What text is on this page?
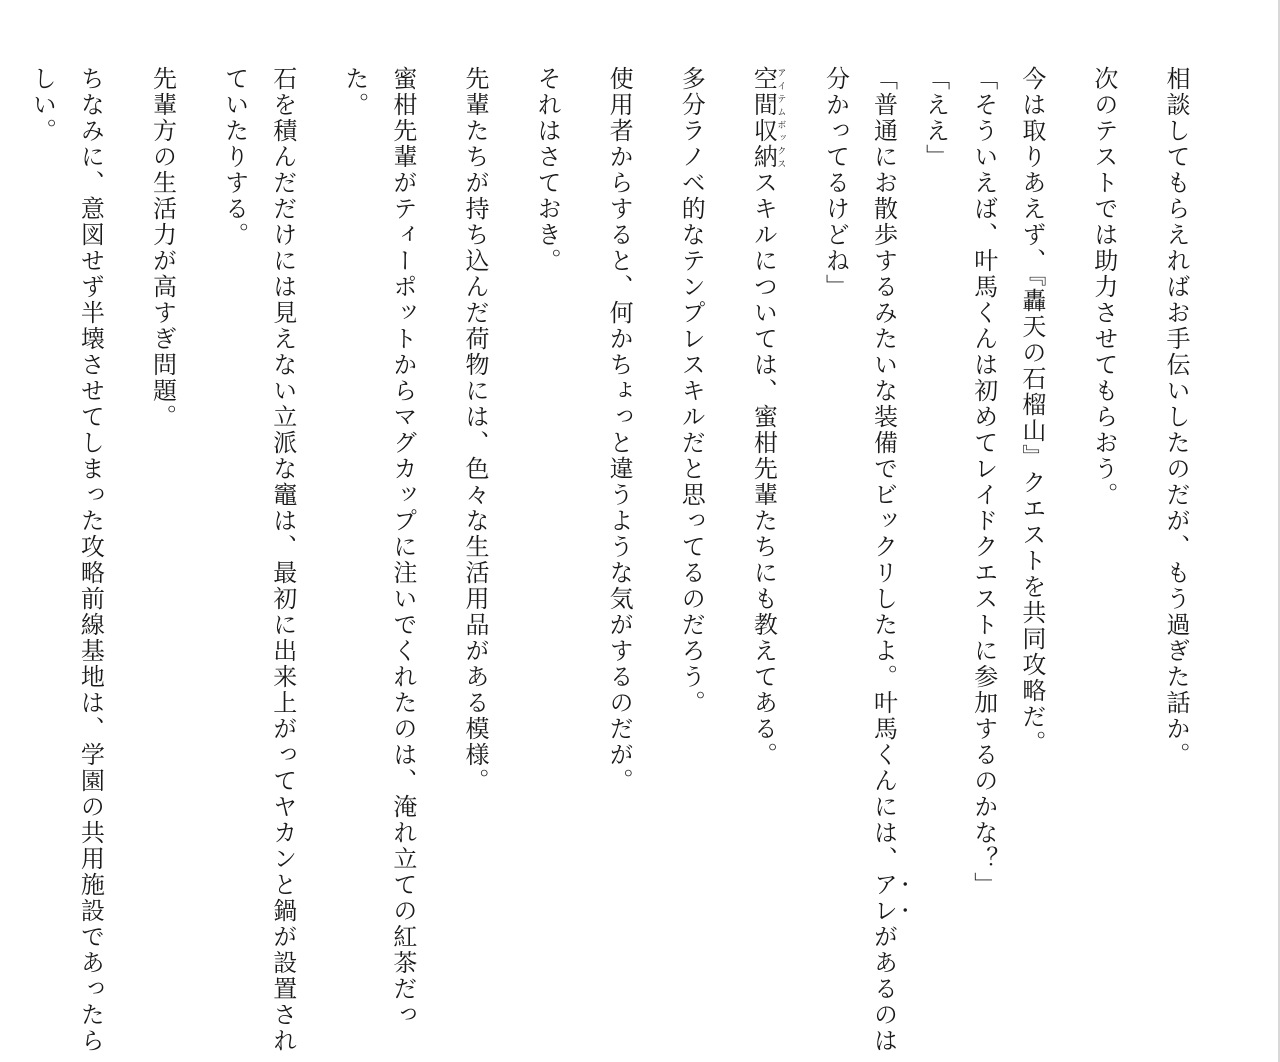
相談してもらえればお手伝いしたのだが、もう過ぎた話か。

次のテストでは助力させてもらおう。

今は取りあえず、『轟天の石榴山』クエストを共同攻略だ。

「そういえば、叶馬くんは初めてレイドクエストに参加するのかな？」

「ええ」

「普通にお散歩するみたいな装備でビックリしたよ。叶馬くんには、アレがあるのは分かってるけどね」

空間収納アイテムボックススキルについては、蜜柑先輩たちにも教えてある。

多分ラノベ的なテンプレスキルだと思ってるのだろう。

使用者からすると、何かちょっと違うような気がするのだが。

それはさておき。

先輩たちが持ち込んだ荷物には、色々な生活用品がある模様。

蜜柑先輩がティーポットからマグカップに注いでくれたのは、淹れ立ての紅茶だった。

石を積んだだけには見えない立派な竈は、最初に出来上がってヤカンと鍋が設置されていたりする。

先輩方の生活力が高すぎ問題。

ちなみに、意図せず半壊させてしまった攻略前線基地は、学園の共用施設であったらしい。
